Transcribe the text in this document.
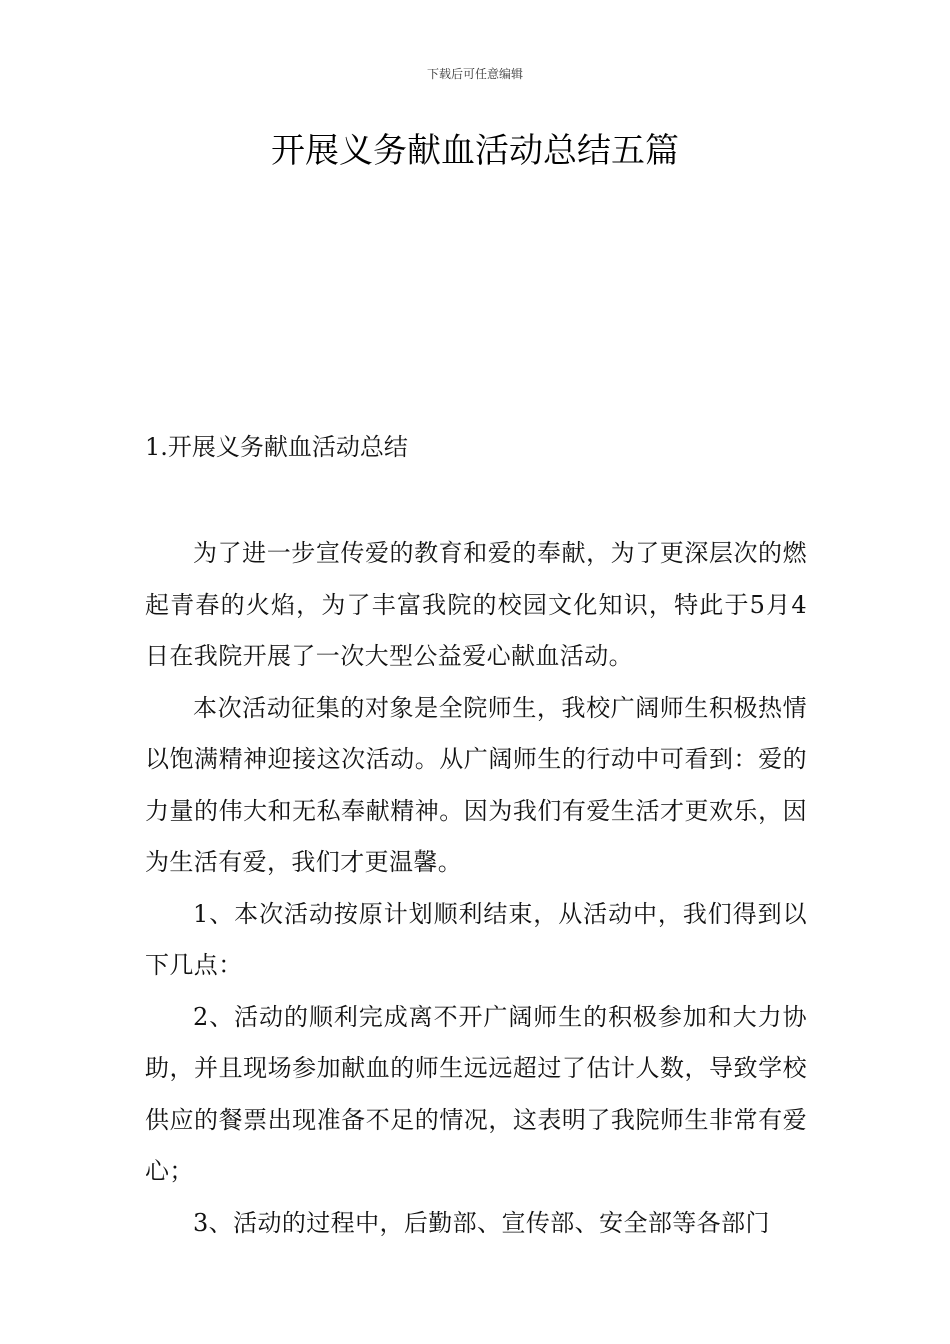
下载后可任意编辑
开展义务献血活动总结五篇
1.开展义务献血活动总结

为了进一步宣传爱的教育和爱的奉献，为了更深层次的燃起青春的火焰，为了丰富我院的校园文化知识，特此于5月4日在我院开展了一次大型公益爱心献血活动。

本次活动征集的对象是全院师生，我校广阔师生积极热情以饱满精神迎接这次活动。从广阔师生的行动中可看到：爱的力量的伟大和无私奉献精神。因为我们有爱生活才更欢乐，因为生活有爱，我们才更温馨。

1、本次活动按原计划顺利结束，从活动中，我们得到以下几点：

2、活动的顺利完成离不开广阔师生的积极参加和大力协助，并且现场参加献血的师生远远超过了估计人数，导致学校供应的餐票出现准备不足的情况，这表明了我院师生非常有爱心；

3、活动的过程中，后勤部、宣传部、安全部等各部门
